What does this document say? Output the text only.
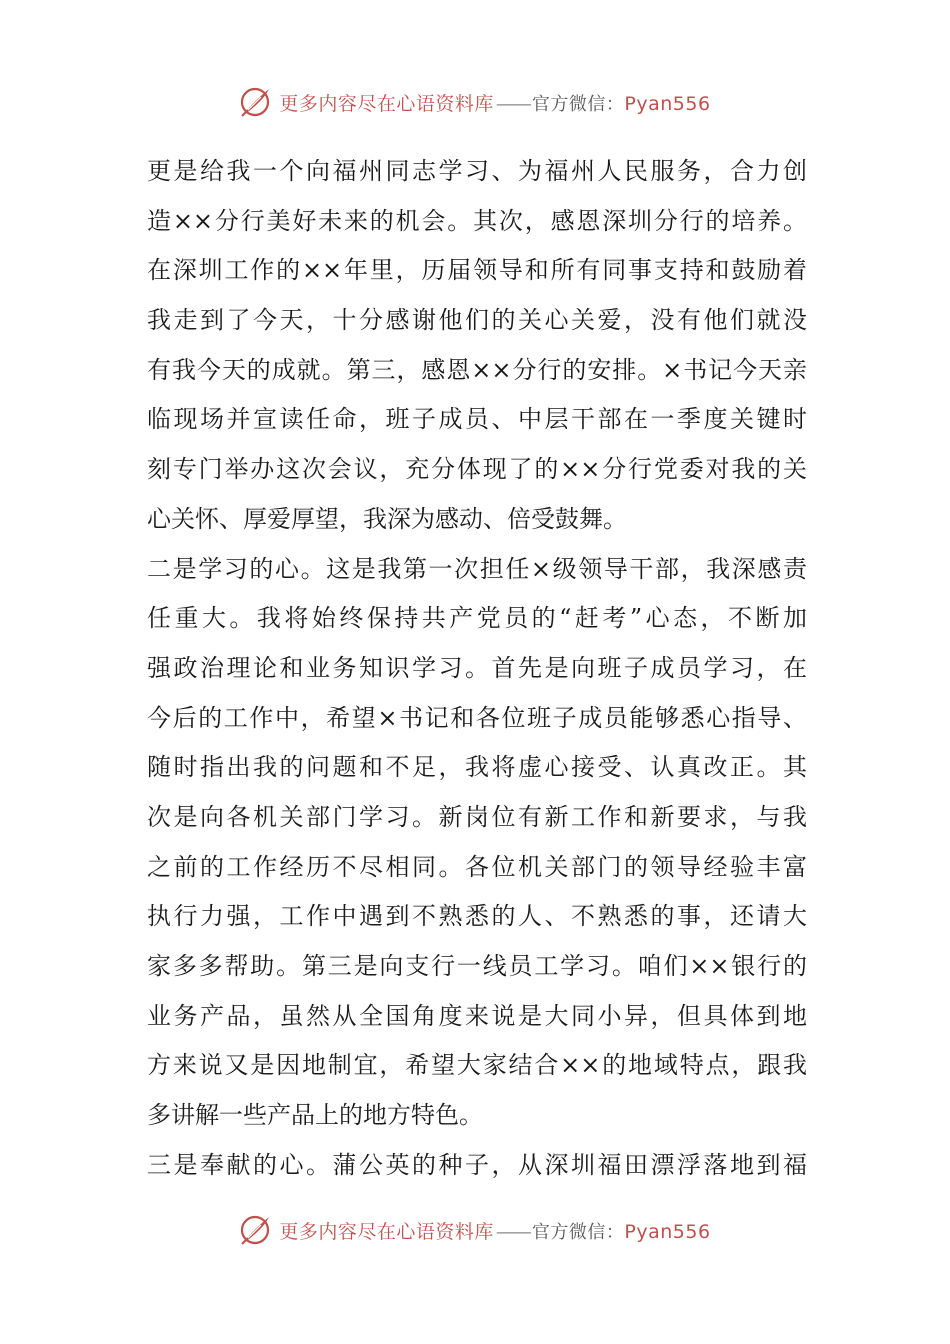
更多内容尽在心语资料库 —— 官方微信：Pyan556
更是给我一个向福州同志学习、为福州人民服务，合力创
造××分行美好未来的机会。其次，感恩深圳分行的培养。
在深圳工作的××年里，历届领导和所有同事支持和鼓励着
我走到了今天，十分感谢他们的关心关爱，没有他们就没
有我今天的成就。第三，感恩××分行的安排。×书记今天亲
临现场并宣读任命，班子成员、中层干部在一季度关键时
刻专门举办这次会议，充分体现了的××分行党委对我的关
心关怀、厚爱厚望，我深为感动、倍受鼓舞。
二是学习的心。这是我第一次担任×级领导干部，我深感责
任重大。我将始终保持共产党员的“赶考”心态，不断加
强政治理论和业务知识学习。首先是向班子成员学习，在
今后的工作中，希望×书记和各位班子成员能够悉心指导、
随时指出我的问题和不足，我将虚心接受、认真改正。其
次是向各机关部门学习。新岗位有新工作和新要求，与我
之前的工作经历不尽相同。各位机关部门的领导经验丰富
执行力强，工作中遇到不熟悉的人、不熟悉的事，还请大
家多多帮助。第三是向支行一线员工学习。咱们××银行的
业务产品，虽然从全国角度来说是大同小异，但具体到地
方来说又是因地制宜，希望大家结合××的地域特点，跟我
多讲解一些产品上的地方特色。
三是奉献的心。蒲公英的种子，从深圳福田漂浮落地到福
更多内容尽在心语资料库 —— 官方微信：Pyan556
